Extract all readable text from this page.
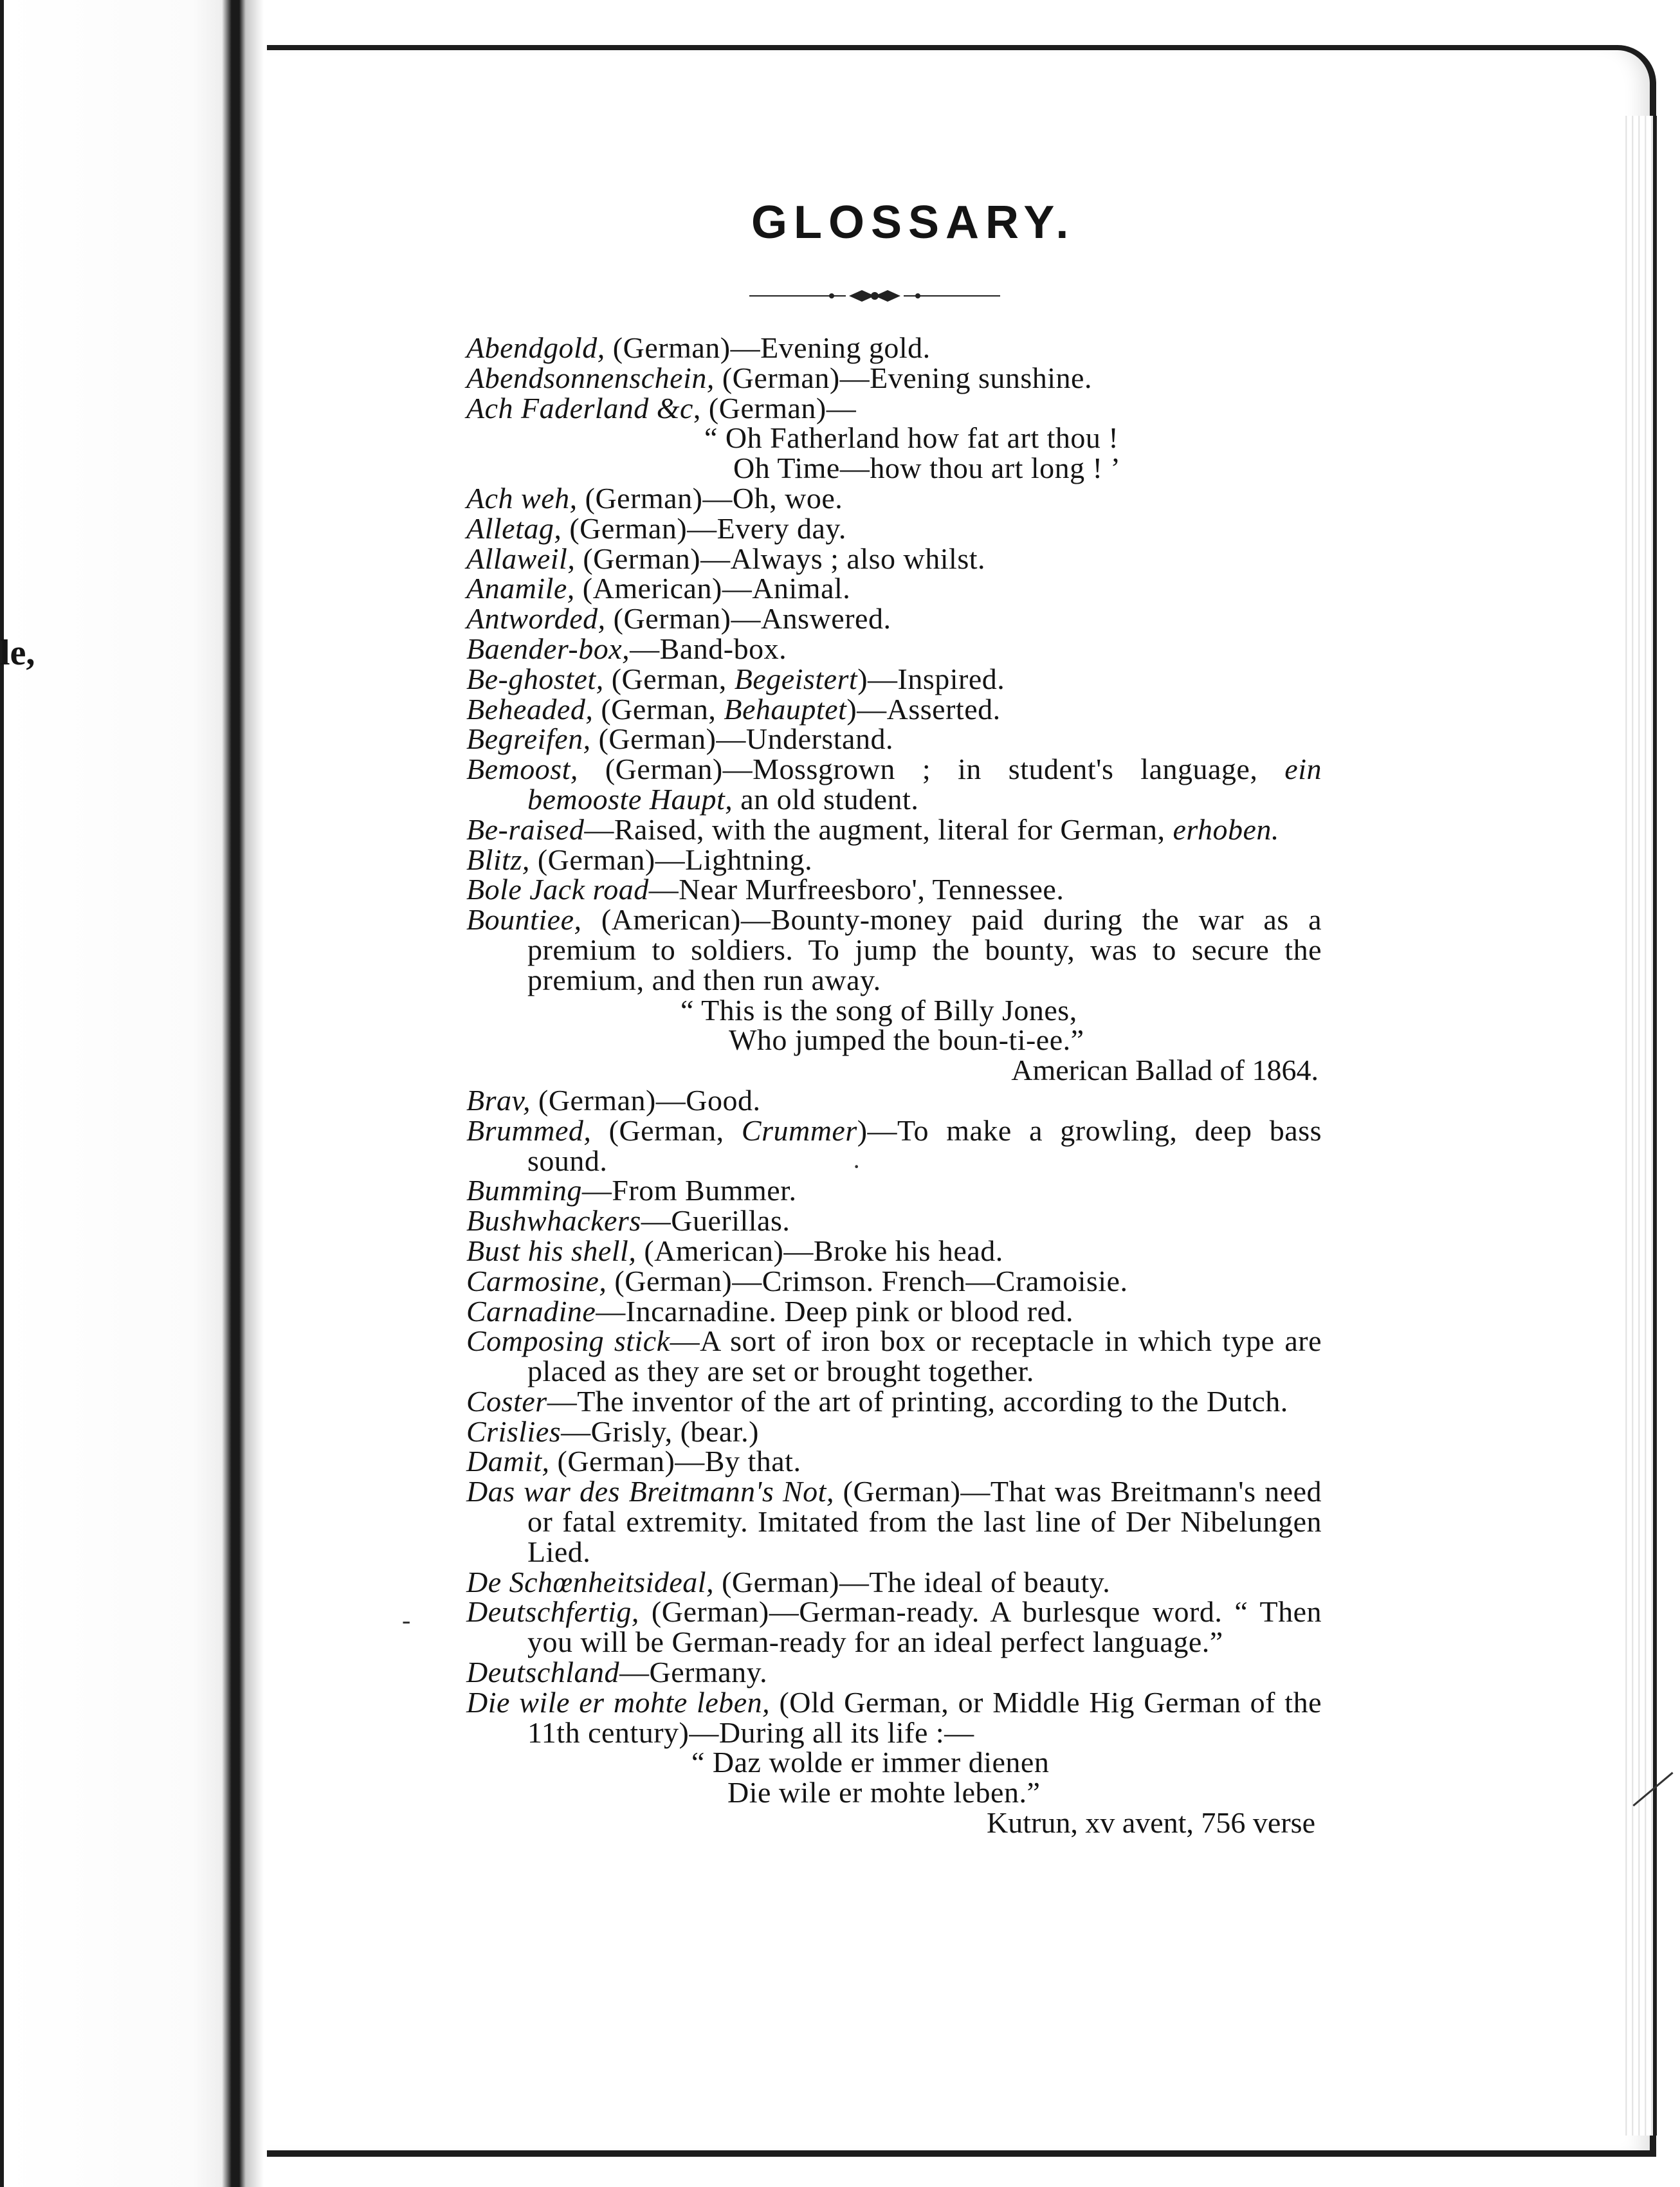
le,
GLOSSARY.
Abendgold, (German)—Evening gold.
Abendsonnenschein, (German)—Evening sunshine.
Ach Faderland &c, (German)—
“ Oh Fatherland how fat art thou !
Oh Time—how thou art long ! ’
Ach weh, (German)—Oh, woe.
Alletag, (German)—Every day.
Allaweil, (German)—Always ; also whilst.
Anamile, (American)—Animal.
Antworded, (German)—Answered.
Baender-box,—Band-box.
Be-ghostet, (German, Begeistert)—Inspired.
Beheaded, (German, Behauptet)—Asserted.
Begreifen, (German)—Understand.
Bemoost, (German)—Mossgrown ; in student's language, ein bemooste Haupt, an old student.
Be-raised—Raised, with the augment, literal for German, erhoben.
Blitz, (German)—Lightning.
Bole Jack road—Near Murfreesboro', Tennessee.
Bountiee, (American)—Bounty-money paid during the war as a premium to soldiers. To jump the bounty, was to secure the premium, and then run away.
“ This is the song of Billy Jones,
Who jumped the boun-ti-ee.”
American Ballad of 1864.
Brav, (German)—Good.
Brummed, (German, Crummer)—To make a growling, deep bass sound.
Bumming—From Bummer.
Bushwhackers—Guerillas.
Bust his shell, (American)—Broke his head.
Carmosine, (German)—Crimson. French—Cramoisie.
Carnadine—Incarnadine. Deep pink or blood red.
Composing stick—A sort of iron box or receptacle in which type are placed as they are set or brought together.
Coster—The inventor of the art of printing, according to the Dutch.
Crislies—Grisly, (bear.)
Damit, (German)—By that.
Das war des Breitmann's Not, (German)—That was Breitmann's need or fatal extremity. Imitated from the last line of Der Nibelungen Lied.
De Schœnheitsideal, (German)—The ideal of beauty.
Deutschfertig, (German)—German-ready. A burlesque word. “ Then you will be German-ready for an ideal perfect language.”
Deutschland—Germany.
Die wile er mohte leben, (Old German, or Middle Hig German of the 11th century)—During all its life :—
“ Daz wolde er immer dienen
Die wile er mohte leben.”
Kutrun, xv avent, 756 verse
-
·
